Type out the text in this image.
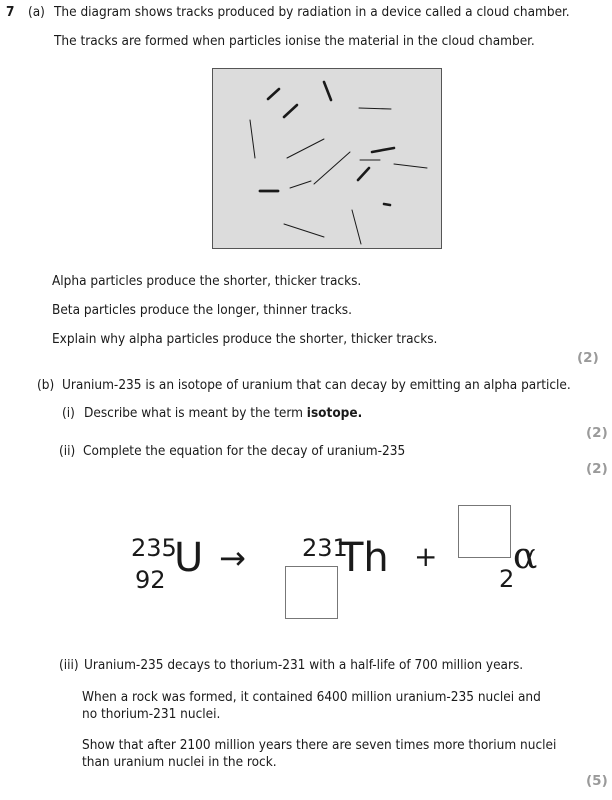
7 (a) The diagram shows tracks produced by radiation in a device called a cloud chamber.
The tracks are formed when particles ionise the material in the cloud chamber.
Alpha particles produce the shorter, thicker tracks.
Beta particles produce the longer, thinner tracks.
Explain why alpha particles produce the shorter, thicker tracks.
(2)
(b) Uranium-235 is an isotope of uranium that can decay by emitting an alpha particle.
(i) Describe what is meant by the term isotope.
(2)
(ii) Complete the equation for the decay of uranium-235
(2)
235
92 U → 231
Th +
2
α
(iii) Uranium-235 decays to thorium-231 with a half-life of 700 million years.
When a rock was formed, it contained 6400 million uranium-235 nuclei and
no thorium-231 nuclei.
Show that after 2100 million years there are seven times more thorium nuclei
than uranium nuclei in the rock.
(5)
